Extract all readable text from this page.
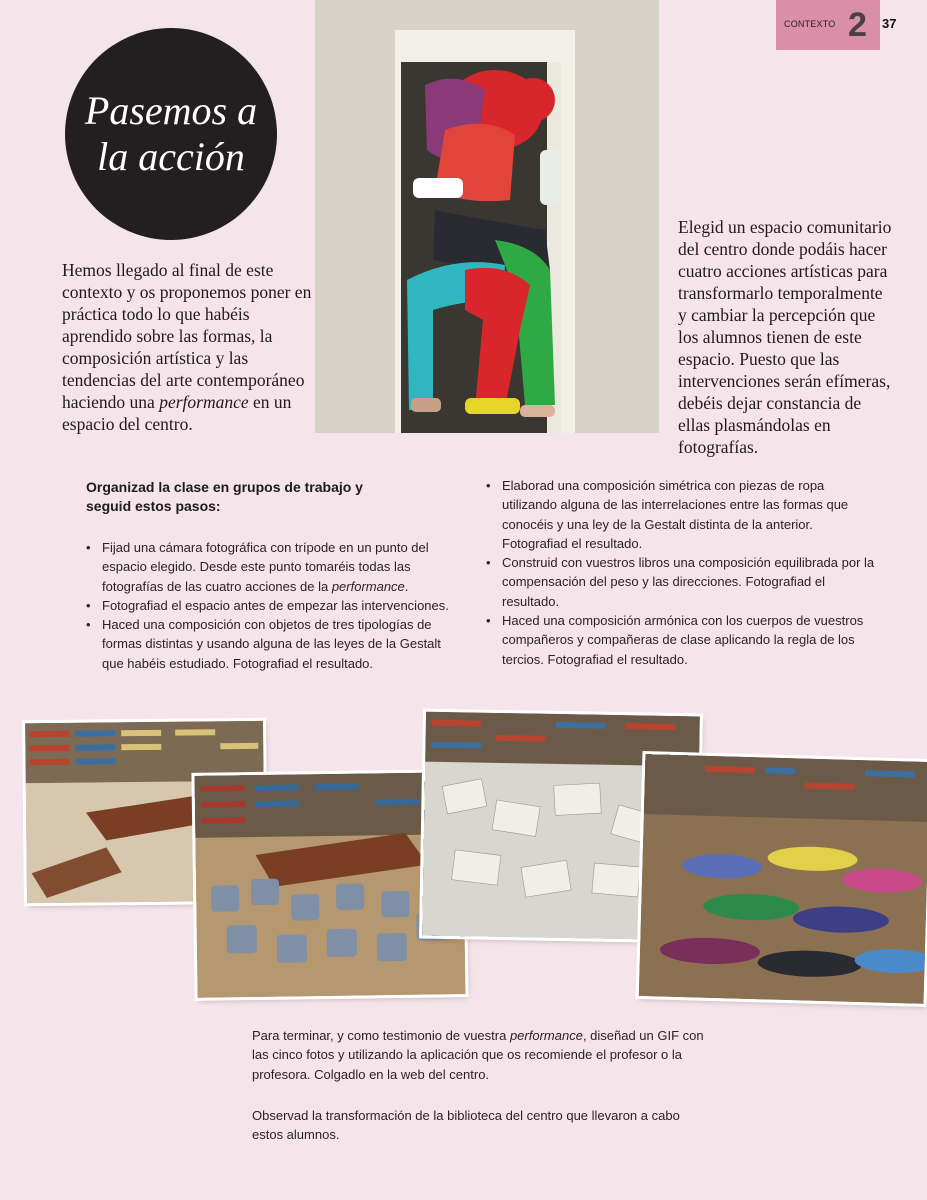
CONTEXTO 2 37
Pasemos a la acción

Hemos llegado al final de este contexto y os proponemos poner en práctica todo lo que habéis aprendido sobre las formas, la composición artística y las tendencias del arte contemporáneo haciendo una performance en un espacio del centro.

Elegid un espacio comunitario del centro donde podáis hacer cuatro acciones artísticas para transformarlo temporalmente y cambiar la percepción que los alumnos tienen de este espacio. Puesto que las intervenciones serán efímeras, debéis dejar constancia de ellas plasmándolas en fotografías.

Organizad la clase en grupos de trabajo y seguid estos pasos:

• Fijad una cámara fotográfica con trípode en un punto del espacio elegido. Desde este punto tomaréis todas las fotografías de las cuatro acciones de la performance.
• Fotografiad el espacio antes de empezar las intervenciones.
• Haced una composición con objetos de tres tipologías de formas distintas y usando alguna de las leyes de la Gestalt que habéis estudiado. Fotografiad el resultado.
• Elaborad una composición simétrica con piezas de ropa utilizando alguna de las interrelaciones entre las formas que conocéis y una ley de la Gestalt distinta de la anterior. Fotografiad el resultado.
• Construid con vuestros libros una composición equilibrada por la compensación del peso y las direcciones. Fotografiad el resultado.
• Haced una composición armónica con los cuerpos de vuestros compañeros y compañeras de clase aplicando la regla de los tercios. Fotografiad el resultado.

Para terminar, y como testimonio de vuestra performance, diseñad un GIF con las cinco fotos y utilizando la aplicación que os recomiende el profesor o la profesora. Colgadlo en la web del centro.

Observad la transformación de la biblioteca del centro que llevaron a cabo estos alumnos.
